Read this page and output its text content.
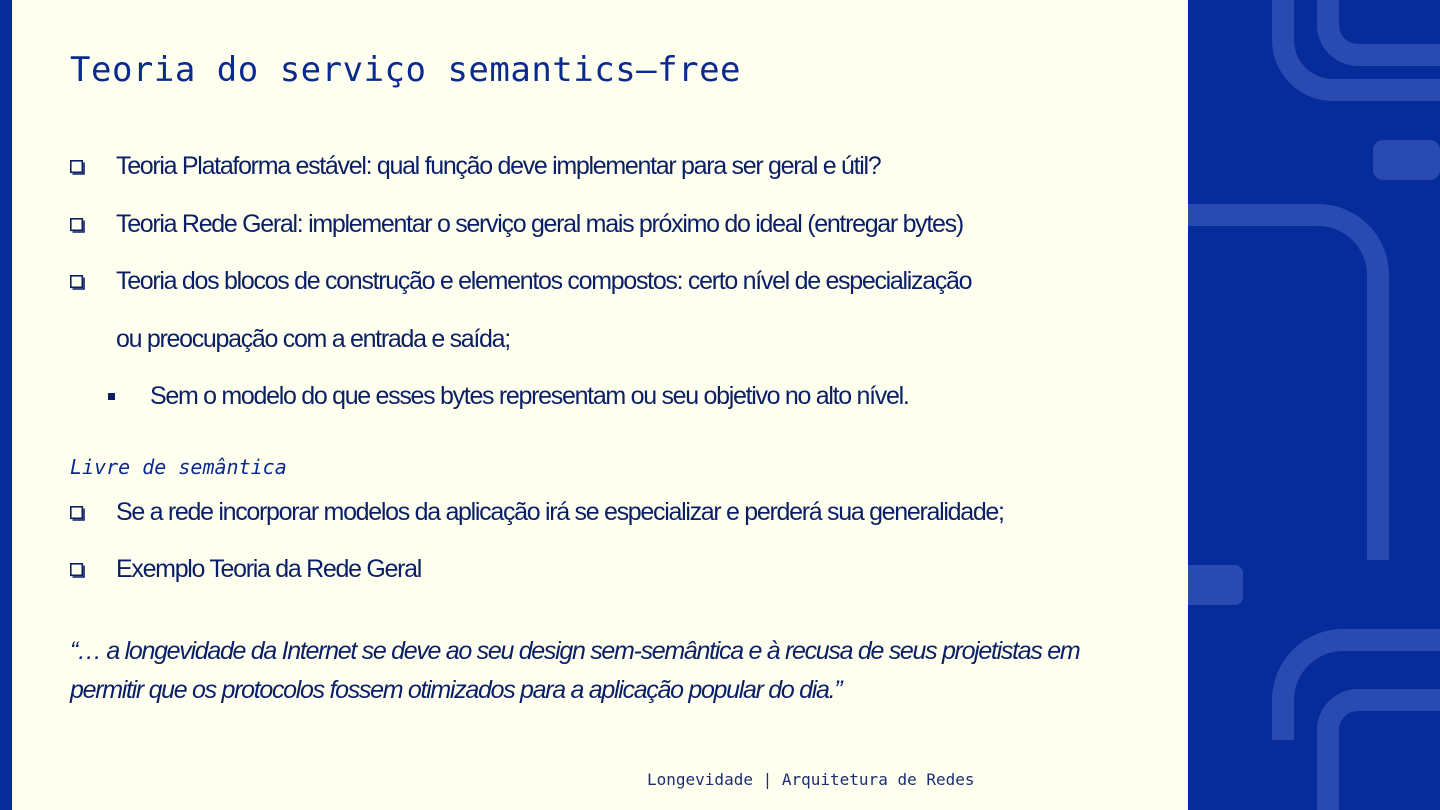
Teoria do serviço semantics–free
Teoria Plataforma estável: qual função deve implementar para ser geral e útil?
Teoria Rede Geral: implementar o serviço geral mais próximo do ideal (entregar bytes)
Teoria dos blocos de construção e elementos compostos: certo nível de especialização
ou preocupação com a entrada e saída;
Sem o modelo do que esses bytes representam ou seu objetivo no alto nível.
Livre de semântica
Se a rede incorporar modelos da aplicação irá se especializar e perderá sua generalidade;
Exemplo Teoria da Rede Geral
“… a longevidade da Internet se deve ao seu design sem-semântica e à recusa de seus projetistas em permitir que os protocolos fossem otimizados para a aplicação popular do dia.”
Longevidade | Arquitetura de Redes
